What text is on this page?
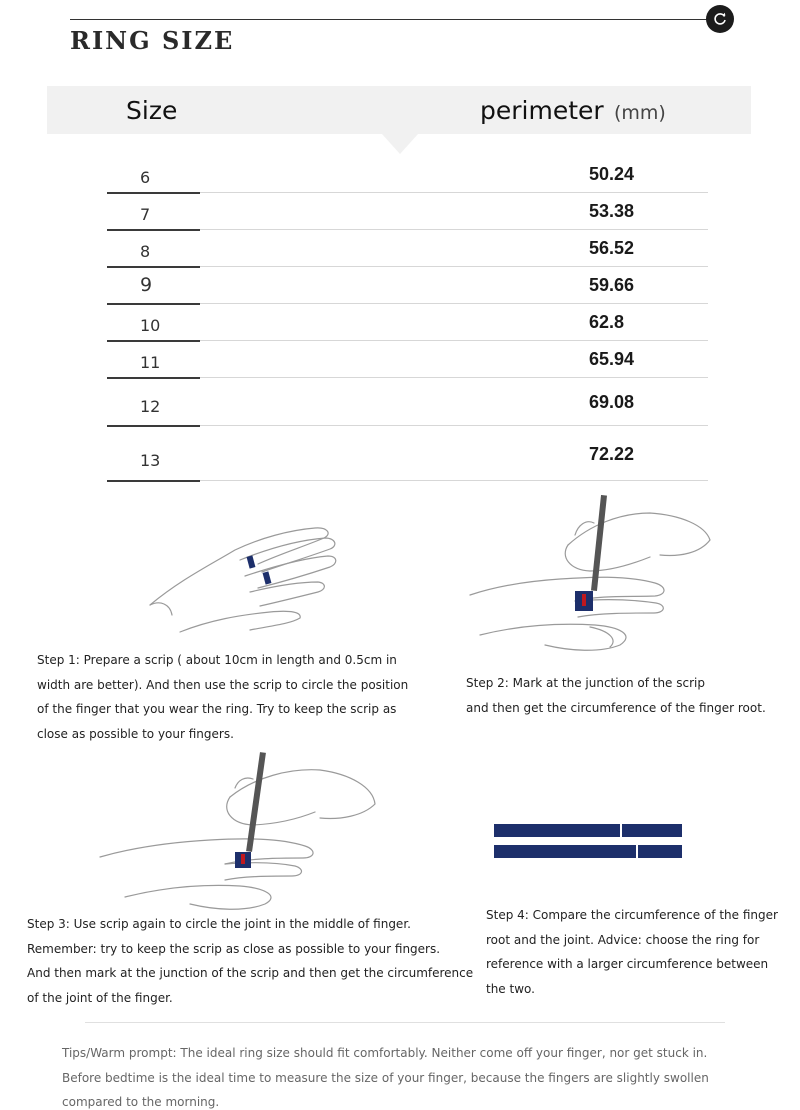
RING SIZE
Size	perimeter (mm)
6	50.24
7	53.38
8	56.52
9	59.66
10	62.8
11	65.94
12	69.08
13	72.22
Step 1: Prepare a scrip ( about 10cm in length and 0.5cm in
width are better). And then use the scrip to circle the position
of the finger that you wear the ring. Try to keep the scrip as
close as possible to your fingers.
Step 2: Mark at the junction of the scrip
and then get the circumference of the finger root.
Step 3: Use scrip again to circle the joint in the middle of finger.
Remember: try to keep the scrip as close as possible to your fingers.
And then mark at the junction of the scrip and then get the circumference
of the joint of the finger.
Step 4: Compare the circumference of the finger
root and the joint. Advice: choose the ring for
reference with a larger circumference between
the two.
Tips/Warm prompt: The ideal ring size should fit comfortably. Neither come off your finger, nor get stuck in.
Before bedtime is the ideal time to measure the size of your finger, because the fingers are slightly swollen
compared to the morning.
